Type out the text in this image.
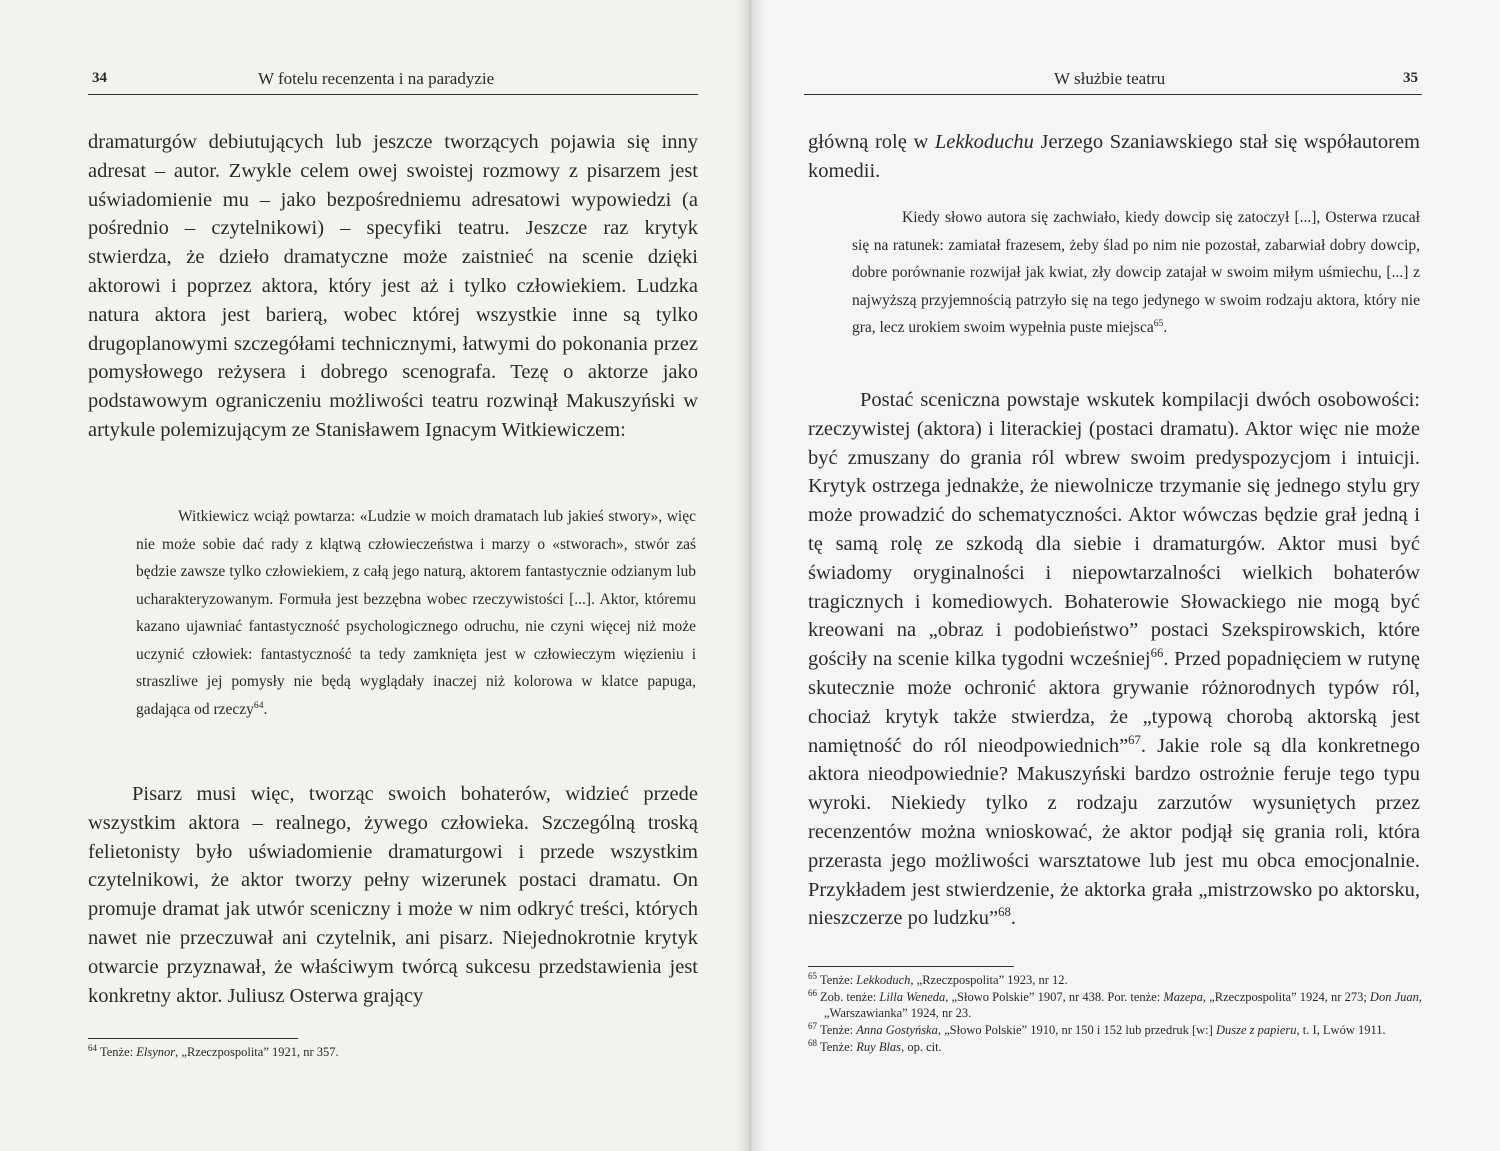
34	W fotelu recenzenta i na paradyzie

dramaturgów debiutujących lub jeszcze tworzących pojawia się inny adresat – autor. Zwykle celem owej swoistej rozmowy z pisarzem jest uświadomienie mu – jako bezpośredniemu adresatowi wypowiedzi (a pośrednio – czytelnikowi) – specyfiki teatru. Jeszcze raz krytyk stwierdza, że dzieło dramatyczne może zaistnieć na scenie dzięki aktorowi i poprzez aktora, który jest aż i tylko człowiekiem. Ludzka natura aktora jest barierą, wobec której wszystkie inne są tylko drugoplanowymi szczegółami technicznymi, łatwymi do pokonania przez pomysłowego reżysera i dobrego scenografa. Tezę o aktorze jako podstawowym ograniczeniu możliwości teatru rozwinął Makuszyński w artykule polemizującym ze Stanisławem Ignacym Witkiewiczem:

Witkiewicz wciąż powtarza: «Ludzie w moich dramatach lub jakieś stwory», więc nie może sobie dać rady z klątwą człowieczeństwa i marzy o «stworach», stwór zaś będzie zawsze tylko człowiekiem, z całą jego naturą, aktorem fantastycznie odzianym lub ucharakteryzowanym. Formuła jest bezzębna wobec rzeczywistości [...]. Aktor, któremu kazano ujawniać fantastyczność psychologicznego odruchu, nie czyni więcej niż może uczynić człowiek: fantastyczność ta tedy zamknięta jest w człowieczym więzieniu i straszliwe jej pomysły nie będą wyglądały inaczej niż kolorowa w klatce papuga, gadająca od rzeczy$^{64}$.

Pisarz musi więc, tworząc swoich bohaterów, widzieć przede wszystkim aktora – realnego, żywego człowieka. Szczególną troską felietonisty było uświadomienie dramaturgowi i przede wszystkim czytelnikowi, że aktor tworzy pełny wizerunek postaci dramatu. On promuje dramat jak utwór sceniczny i może w nim odkryć treści, których nawet nie przeczuwał ani czytelnik, ani pisarz. Niejednokrotnie krytyk otwarcie przyznawał, że właściwym twórcą sukcesu przedstawienia jest konkretny aktor. Juliusz Osterwa grający

$^{64}$ Tenże: Elsynor, „Rzeczpospolita” 1921, nr 357.

W służbie teatru	35

główną rolę w Lekkoduchu Jerzego Szaniawskiego stał się współautorem komedii.

Kiedy słowo autora się zachwiało, kiedy dowcip się zatoczył [...], Osterwa rzucał się na ratunek: zamiatał frazesem, żeby ślad po nim nie pozostał, zabarwiał dobry dowcip, dobre porównanie rozwijał jak kwiat, zły dowcip zatajał w swoim miłym uśmiechu, [...] z najwyższą przyjemnością patrzyło się na tego jedynego w swoim rodzaju aktora, który nie gra, lecz urokiem swoim wypełnia puste miejsca$^{65}$.

Postać sceniczna powstaje wskutek kompilacji dwóch osobowości: rzeczywistej (aktora) i literackiej (postaci dramatu). Aktor więc nie może być zmuszany do grania ról wbrew swoim predyspozycjom i intuicji. Krytyk ostrzega jednakże, że niewolnicze trzymanie się jednego stylu gry może prowadzić do schematyczności. Aktor wówczas będzie grał jedną i tę samą rolę ze szkodą dla siebie i dramaturgów. Aktor musi być świadomy oryginalności i niepowtarzalności wielkich bohaterów tragicznych i komediowych. Bohaterowie Słowackiego nie mogą być kreowani na „obraz i podobieństwo” postaci Szekspirowskich, które gościły na scenie kilka tygodni wcześniej$^{66}$. Przed popadnięciem w rutynę skutecznie może ochronić aktora grywanie różnorodnych typów ról, chociaż krytyk także stwierdza, że „typową chorobą aktorską jest namiętność do ról nieodpowiednich”$^{67}$. Jakie role są dla konkretnego aktora nieodpowiednie? Makuszyński bardzo ostrożnie feruje tego typu wyroki. Niekiedy tylko z rodzaju zarzutów wysuniętych przez recenzentów można wnioskować, że aktor podjął się grania roli, która przerasta jego możliwości warsztatowe lub jest mu obca emocjonalnie. Przykładem jest stwierdzenie, że aktorka grała „mistrzowsko po aktorsku, nieszczerze po ludzku”$^{68}$.

$^{65}$ Tenże: Lekkoduch, „Rzeczpospolita” 1923, nr 12.

$^{66}$ Zob. tenże: Lilla Weneda, „Słowo Polskie” 1907, nr 438. Por. tenże: Mazepa, „Rzeczpospolita” 1924, nr 273; Don Juan, „Warszawianka” 1924, nr 23.

$^{67}$ Tenże: Anna Gostyńska, „Słowo Polskie” 1910, nr 150 i 152 lub przedruk [w:] Dusze z papieru, t. I, Lwów 1911.

$^{68}$ Tenże: Ruy Blas, op. cit.
